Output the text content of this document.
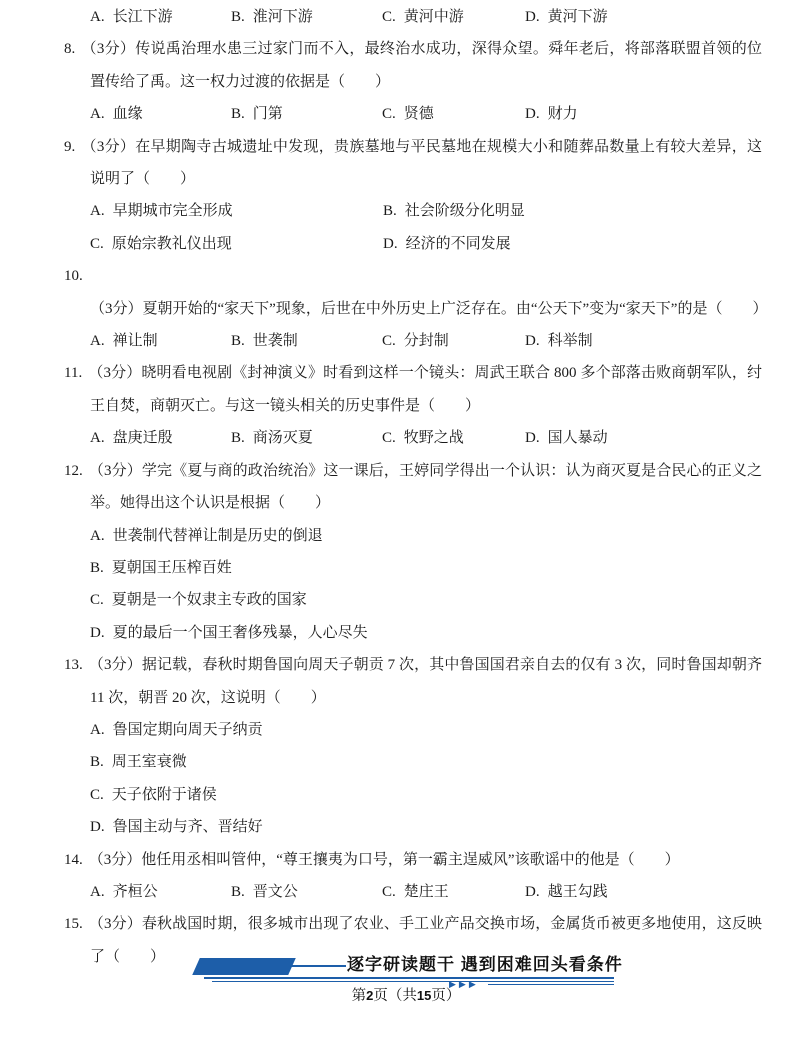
A. 长江下游	B. 淮河下游	C. 黄河中游	D. 黄河下游
8. （3分）传说禹治理水患三过家门而不入，最终治水成功，深得众望。舜年老后，将部落联盟首领的位置传给了禹。这一权力过渡的依据是（　　）
A. 血缘	B. 门第	C. 贤德	D. 财力
9. （3分）在早期陶寺古城遗址中发现，贵族墓地与平民墓地在规模大小和随葬品数量上有较大差异，这说明了（　　）
A. 早期城市完全形成	B. 社会阶级分化明显
C. 原始宗教礼仪出现	D. 经济的不同发展
10.（3分）夏朝开始的“家天下”现象，后世在中外历史上广泛存在。由“公天下”变为“家天下”的是（　　）
A. 禅让制	B. 世袭制	C. 分封制	D. 科举制
11. （3分）晓明看电视剧《封神演义》时看到这样一个镜头：周武王联合 800 多个部落击败商朝军队，纣王自焚，商朝灭亡。与这一镜头相关的历史事件是（　　）
A. 盘庚迁殷	B. 商汤灭夏	C. 牧野之战	D. 国人暴动
12. （3分）学完《夏与商的政治统治》这一课后，王婷同学得出一个认识：认为商灭夏是合民心的正义之举。她得出这个认识是根据（　　）
A. 世袭制代替禅让制是历史的倒退
B. 夏朝国王压榨百姓
C. 夏朝是一个奴隶主专政的国家
D. 夏的最后一个国王奢侈残暴，人心尽失
13. （3分）据记载，春秋时期鲁国向周天子朝贡 7 次，其中鲁国国君亲自去的仅有 3 次，同时鲁国却朝齐 11 次，朝晋 20 次，这说明（　　）
A. 鲁国定期向周天子纳贡
B. 周王室衰微
C. 天子依附于诸侯
D. 鲁国主动与齐、晋结好
14. （3分）他任用丞相叫管仲，“尊王攘夷为口号，第一霸主逞威风”该歌谣中的他是（　　）
A. 齐桓公	B. 晋文公	C. 楚庄王	D. 越王勾践
15. （3分）春秋战国时期，很多城市出现了农业、手工业产品交换市场，金属货币被更多地使用，这反映了（　　）	逐字研读题干 遇到困难回头看条件
▶▶▶
第2页（共15页）
